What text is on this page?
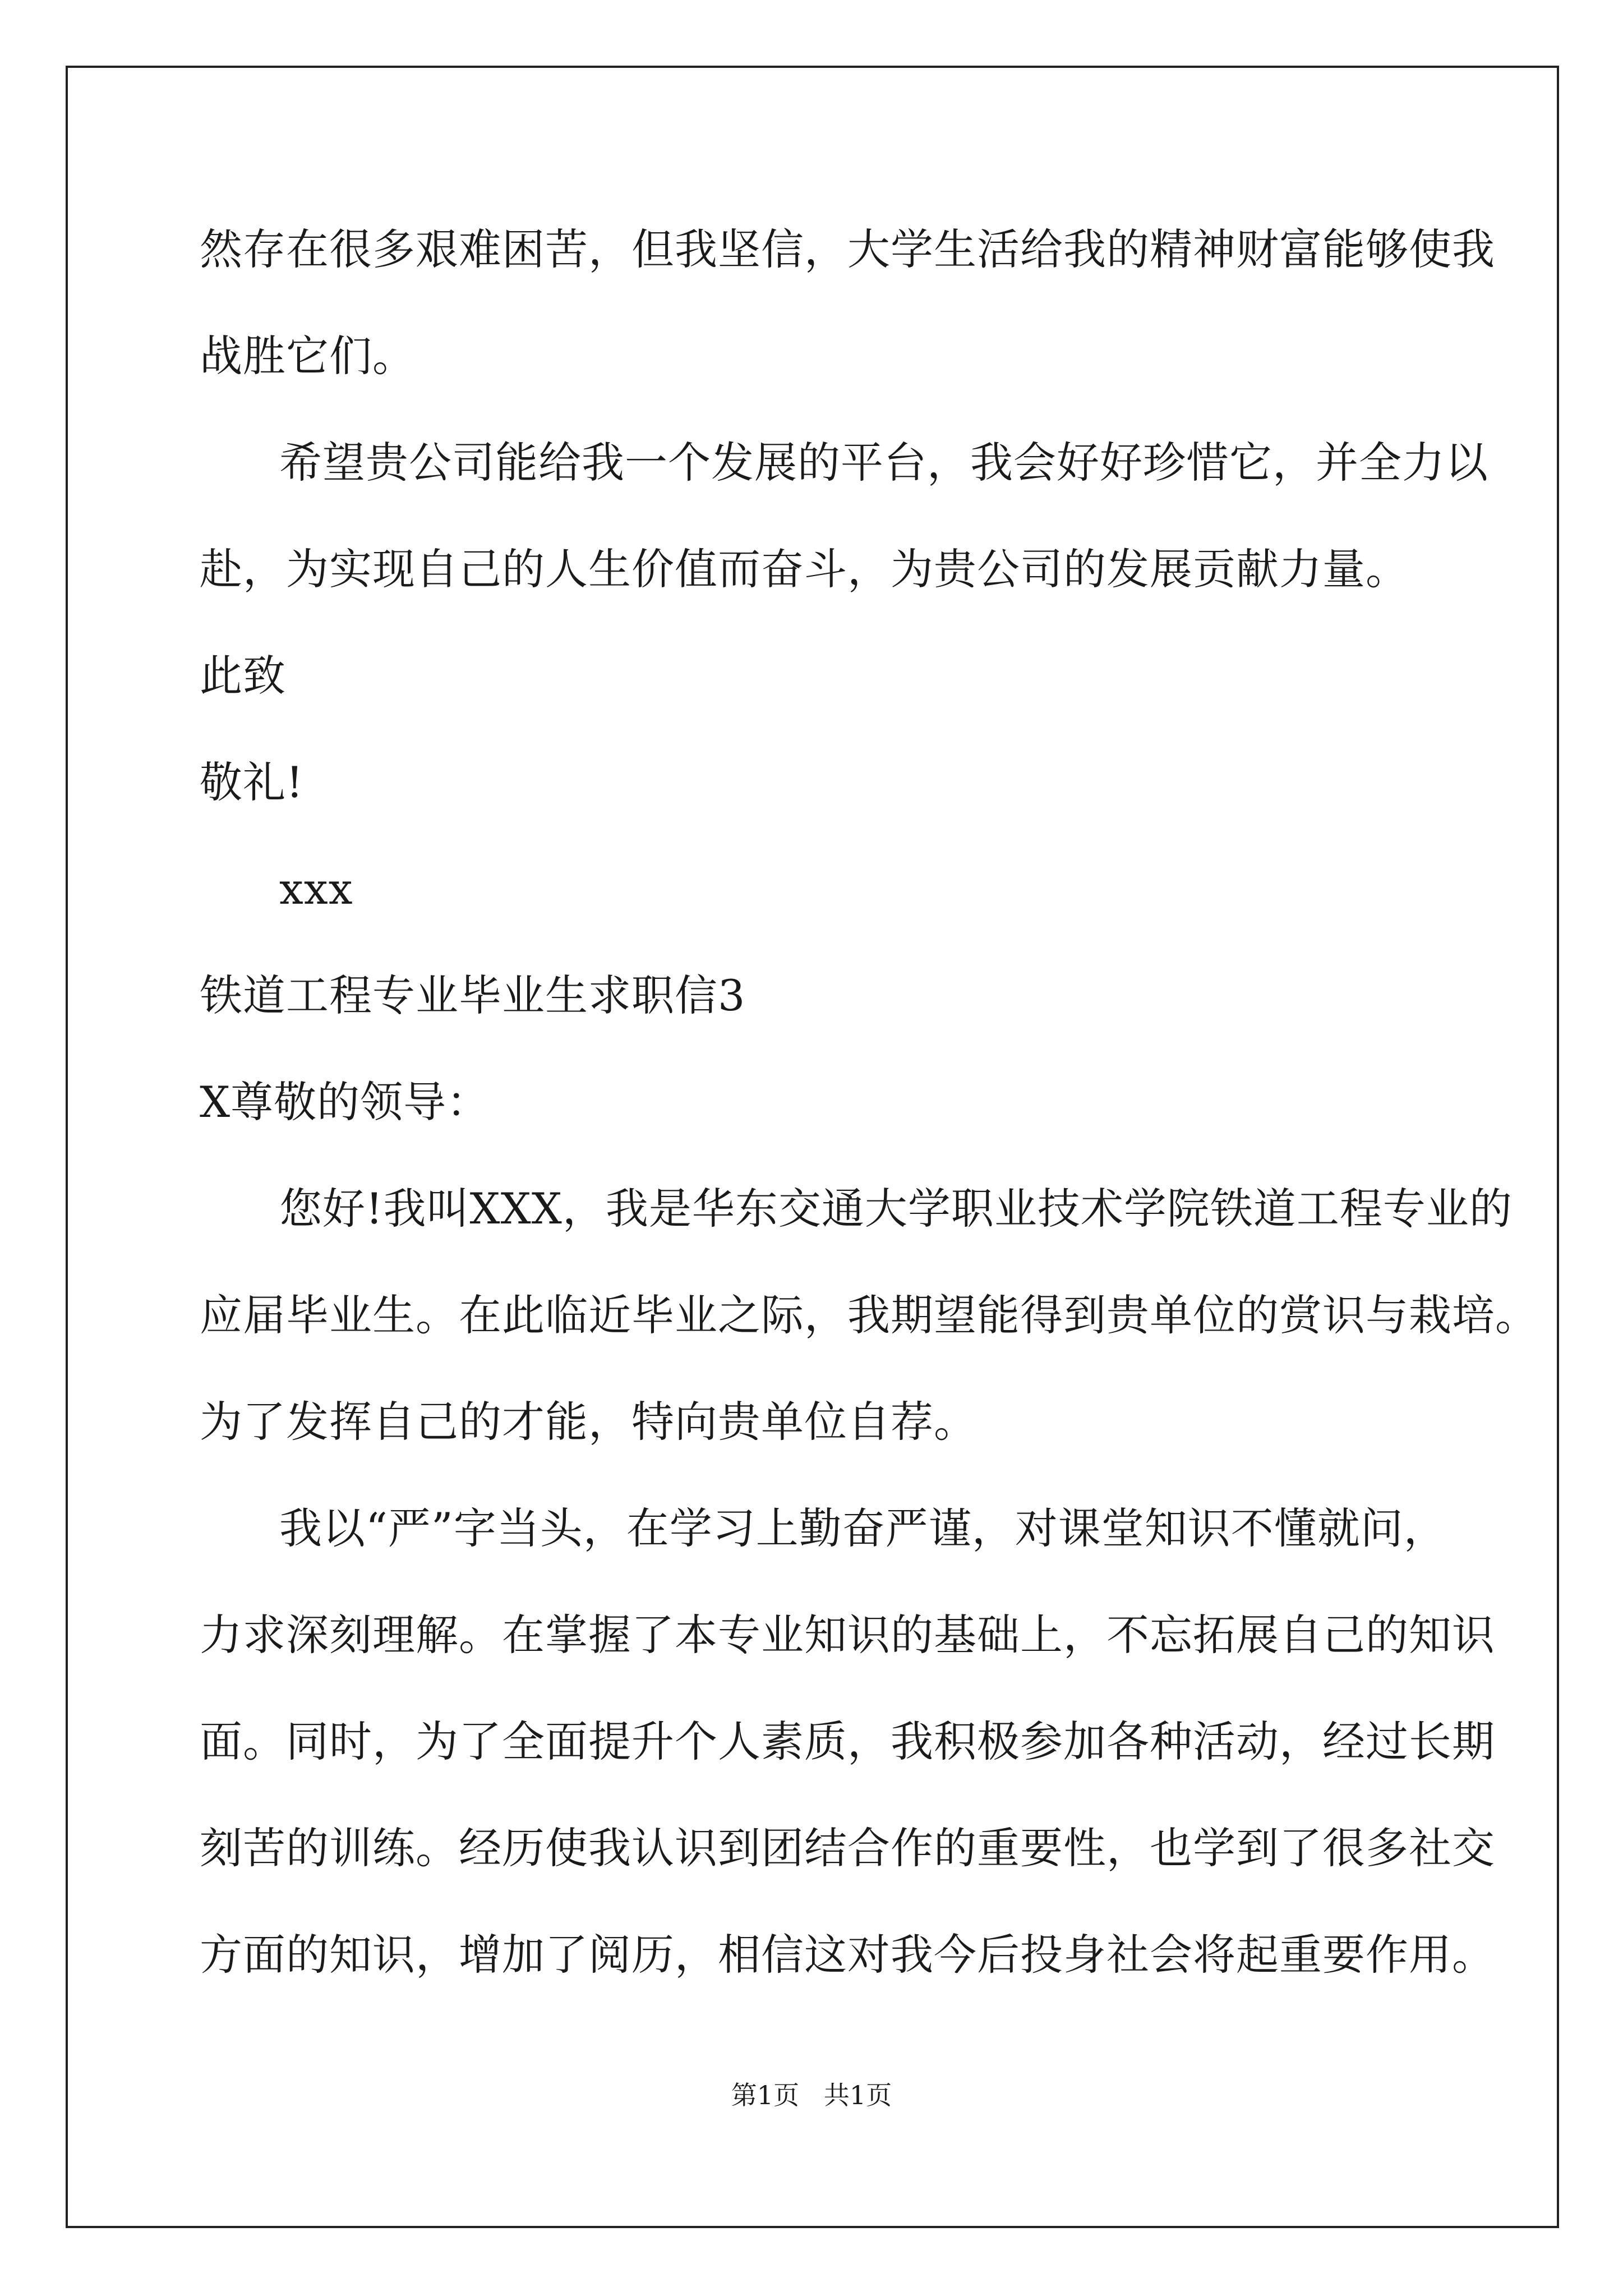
然存在很多艰难困苦，但我坚信，大学生活给我的精神财富能够使我
战胜它们。
希望贵公司能给我一个发展的平台，我会好好珍惜它，并全力以
赴，为实现自己的人生价值而奋斗，为贵公司的发展贡献力量。
此致
敬礼!
xxx
铁道工程专业毕业生求职信3
X尊敬的领导：
您好!我叫XXX，我是华东交通大学职业技术学院铁道工程专业的
应届毕业生。在此临近毕业之际，我期望能得到贵单位的赏识与栽培。
为了发挥自己的才能，特向贵单位自荐。
我以“严”字当头，在学习上勤奋严谨，对课堂知识不懂就问，
力求深刻理解。在掌握了本专业知识的基础上，不忘拓展自己的知识
面。同时，为了全面提升个人素质，我积极参加各种活动，经过长期
刻苦的训练。经历使我认识到团结合作的重要性，也学到了很多社交
方面的知识，增加了阅历，相信这对我今后投身社会将起重要作用。
第1页   共1页
